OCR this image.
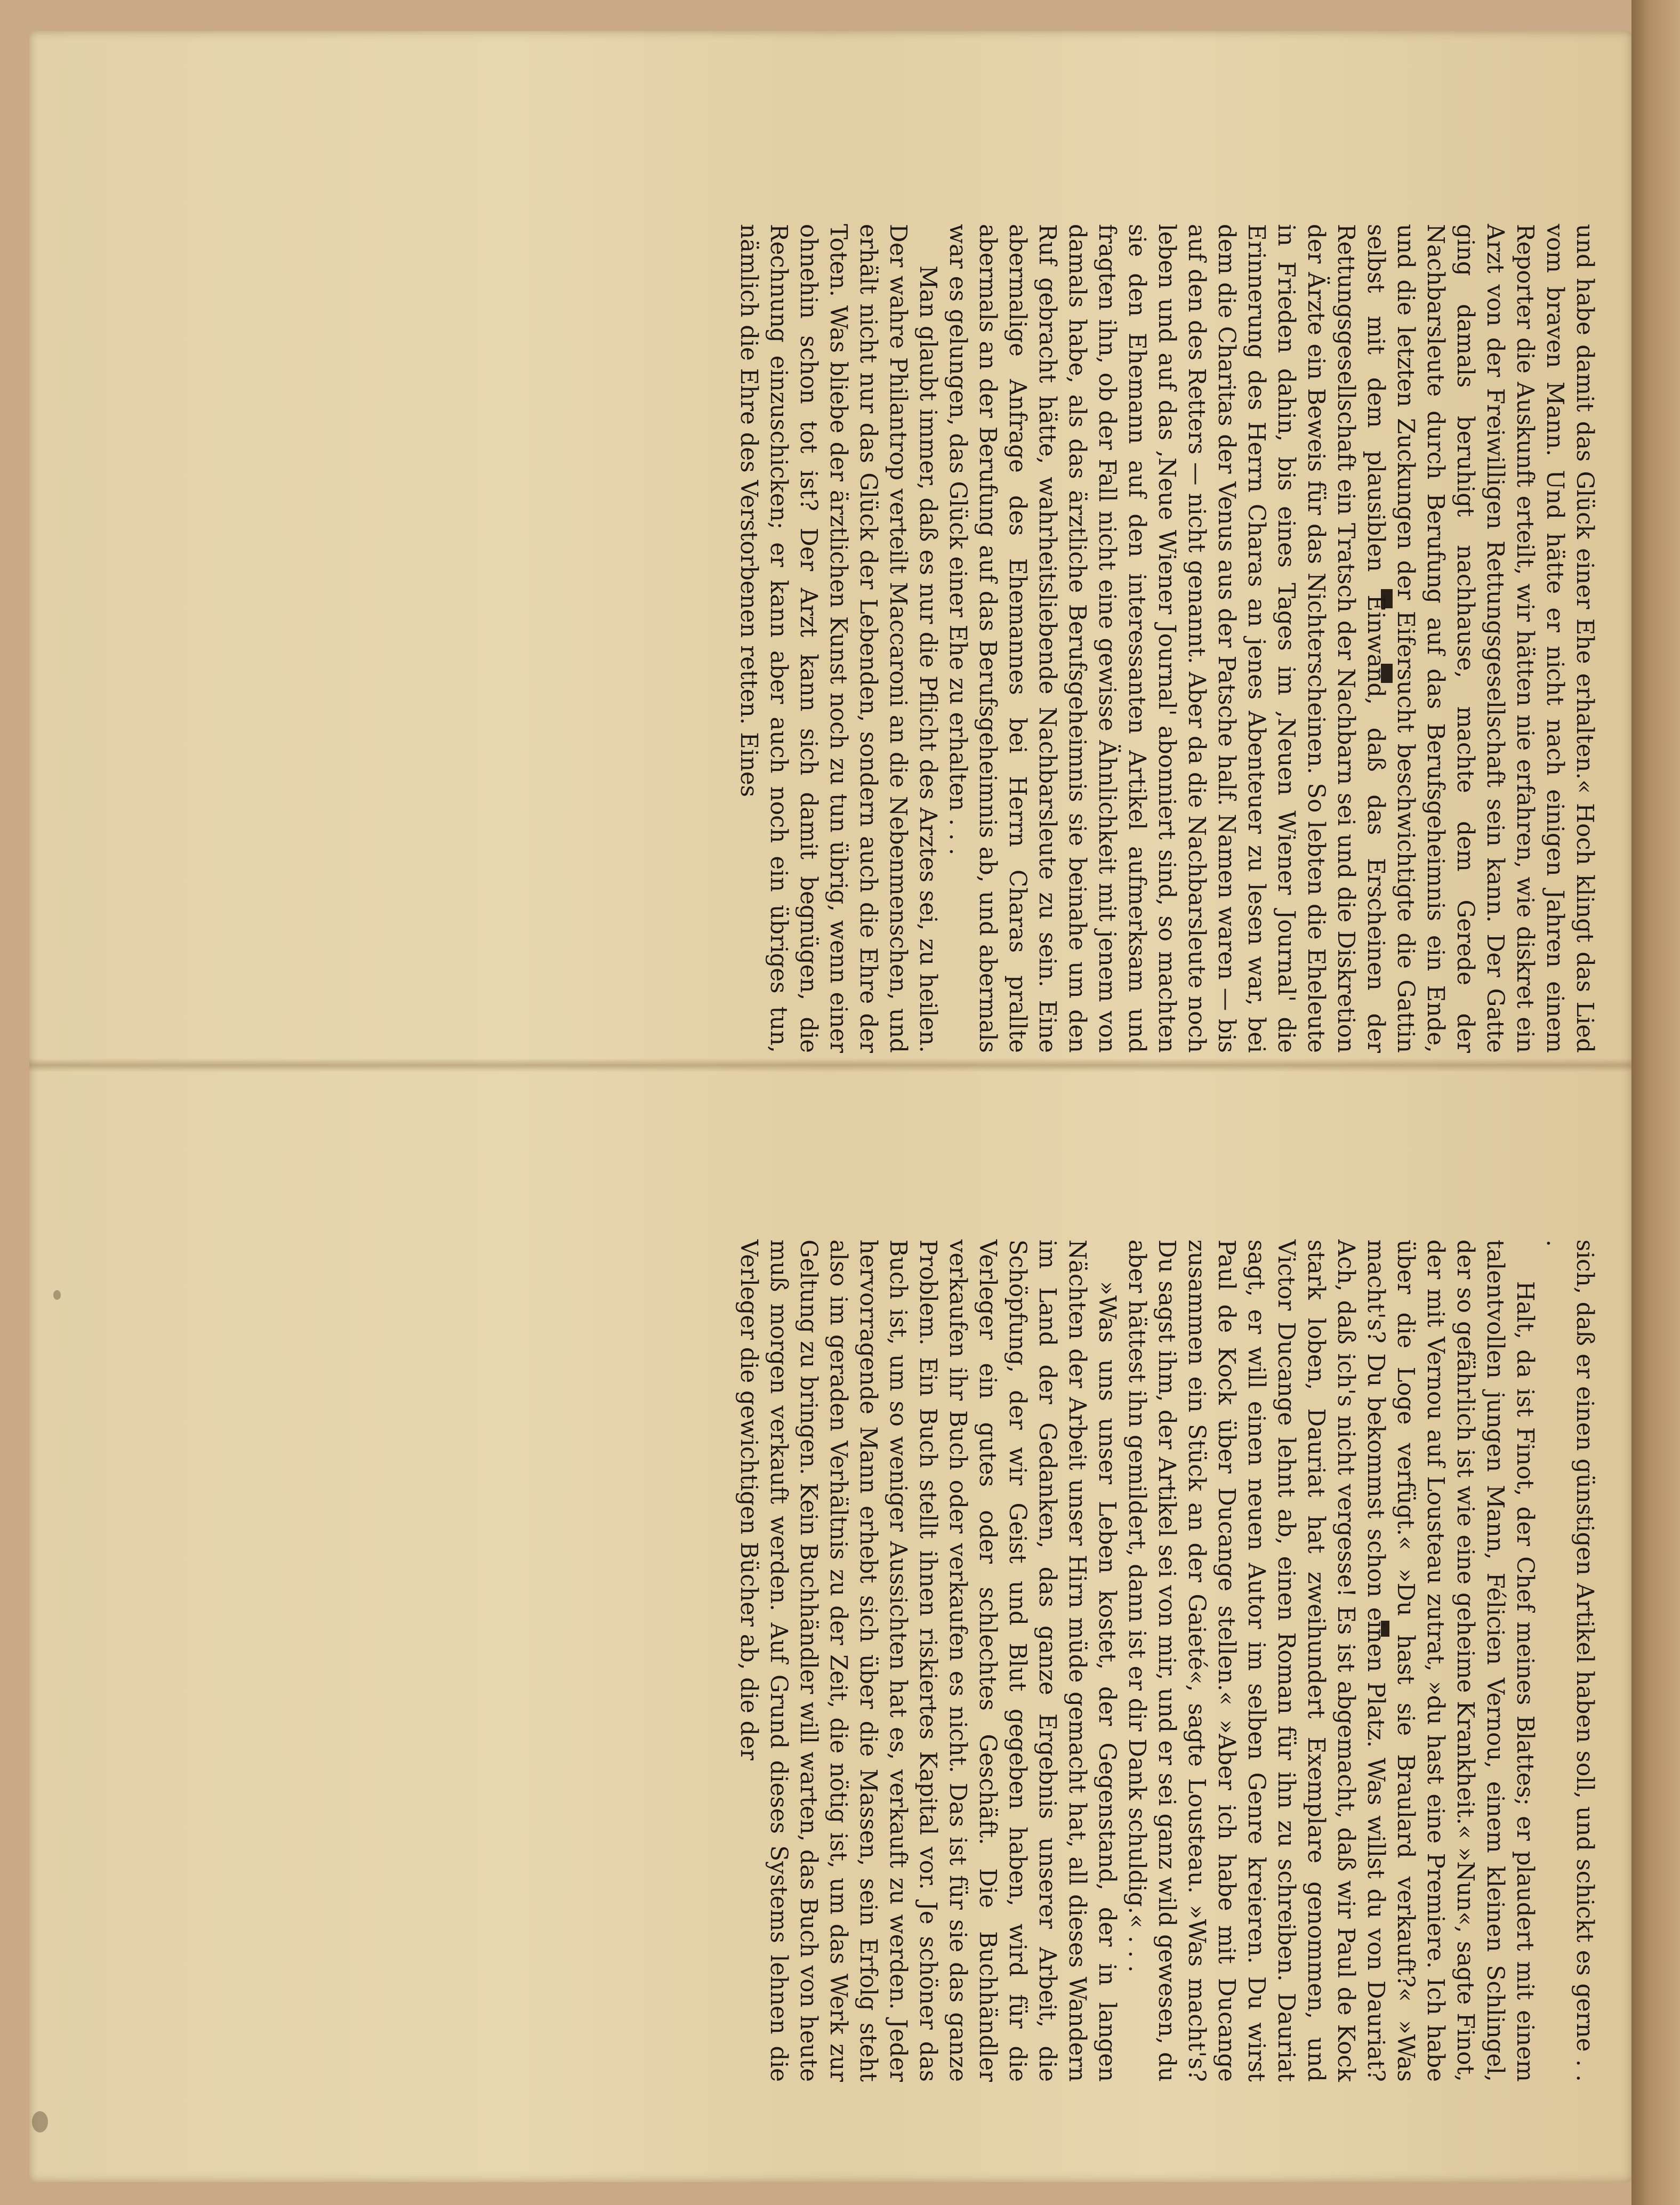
und habe damit das Glück einer Ehe erhalten.« Hoch klingt das Lied vom braven Mann. Und hätte er nicht nach einigen Jahren einem Reporter die Auskunft erteilt, wir hätten nie erfahren, wie diskret ein Arzt von der Freiwilligen Rettungsgesellschaft sein kann. Der Gatte ging damals beruhigt nachhause, machte dem Gerede der Nachbarsleute durch Berufung auf das Berufsgeheimnis ein Ende, und die letzten Zuckungen der Eifersucht beschwichtigte die Gattin selbst mit dem plausiblen Einwand, daß das Erscheinen der Rettungsgesellschaft ein Tratsch der Nachbarn sei und die Diskretion der Ärzte ein Beweis für das Nichterscheinen. So lebten die Eheleute in Frieden dahin, bis eines Tages im ‚Neuen Wiener Journal' die Erinnerung des Herrn Charas an jenes Abenteuer zu lesen war, bei dem die Charitas der Venus aus der Patsche half. Namen waren — bis auf den des Retters — nicht genannt. Aber da die Nachbarsleute noch leben und auf das ‚Neue Wiener Journal' abonniert sind, so machten sie den Ehemann auf den interessanten Artikel aufmerksam und fragten ihn, ob der Fall nicht eine gewisse Ähnlichkeit mit jenem von damals habe, als das ärztliche Berufsgeheimnis sie beinahe um den Ruf gebracht hätte, wahrheitsliebende Nachbarsleute zu sein. Eine abermalige Anfrage des Ehemannes bei Herrn Charas prallte abermals an der Berufung auf das Berufsgeheimnis ab, und abermals war es gelungen, das Glück einer Ehe zu erhalten . . .

Man glaubt immer, daß es nur die Pflicht des Arztes sei, zu heilen. Der wahre Philantrop verteilt Maccaroni an die Nebenmenschen, und erhält nicht nur das Glück der Lebenden, sondern auch die Ehre der Toten. Was bliebe der ärztlichen Kunst noch zu tun übrig, wenn einer ohnehin schon tot ist? Der Arzt kann sich damit begnügen, die Rechnung einzuschicken; er kann aber auch noch ein übriges tun, nämlich die Ehre des Verstorbenen retten. Eines

sich, daß er einen günstigen Artikel haben soll, und schickt es gerne . . .

Halt, da ist Finot, der Chef meines Blattes; er plaudert mit einem talentvollen jungen Mann, Félicien Vernou, einem kleinen Schlingel, der so gefährlich ist wie eine geheime Krankheit.« »Nun«, sagte Finot, der mit Vernou auf Lousteau zutrat, »du hast eine Premiere. Ich habe über die Loge verfügt.« »Du hast sie Braulard verkauft?« »Was macht's? Du bekommst schon einen Platz. Was willst du von Dauriat? Ach, daß ich's nicht vergesse! Es ist abgemacht, daß wir Paul de Kock stark loben, Dauriat hat zweihundert Exemplare genommen, und Victor Ducange lehnt ab, einen Roman für ihn zu schreiben. Dauriat sagt, er will einen neuen Autor im selben Genre kreieren. Du wirst Paul de Kock über Ducange stellen.« »Aber ich habe mit Ducange zusammen ein Stück an der Gaieté«, sagte Lousteau. »Was macht's? Du sagst ihm, der Artikel sei von mir, und er sei ganz wild gewesen, du aber hättest ihn gemildert, dann ist er dir Dank schuldig.« . . .

»Was uns unser Leben kostet, der Gegenstand, der in langen Nächten der Arbeit unser Hirn müde gemacht hat, all dieses Wandern im Land der Gedanken, das ganze Ergebnis unserer Arbeit, die Schöpfung, der wir Geist und Blut gegeben haben, wird für die Verleger ein gutes oder schlechtes Geschäft. Die Buchhändler verkaufen ihr Buch oder verkaufen es nicht. Das ist für sie das ganze Problem. Ein Buch stellt ihnen riskiertes Kapital vor. Je schöner das Buch ist, um so weniger Aussichten hat es, verkauft zu werden. Jeder hervorragende Mann erhebt sich über die Massen, sein Erfolg steht also im geraden Verhältnis zu der Zeit, die nötig ist, um das Werk zur Geltung zu bringen. Kein Buchhändler will warten, das Buch von heute muß morgen verkauft werden. Auf Grund dieses Systems lehnen die Verleger die gewichtigen Bücher ab, die der
